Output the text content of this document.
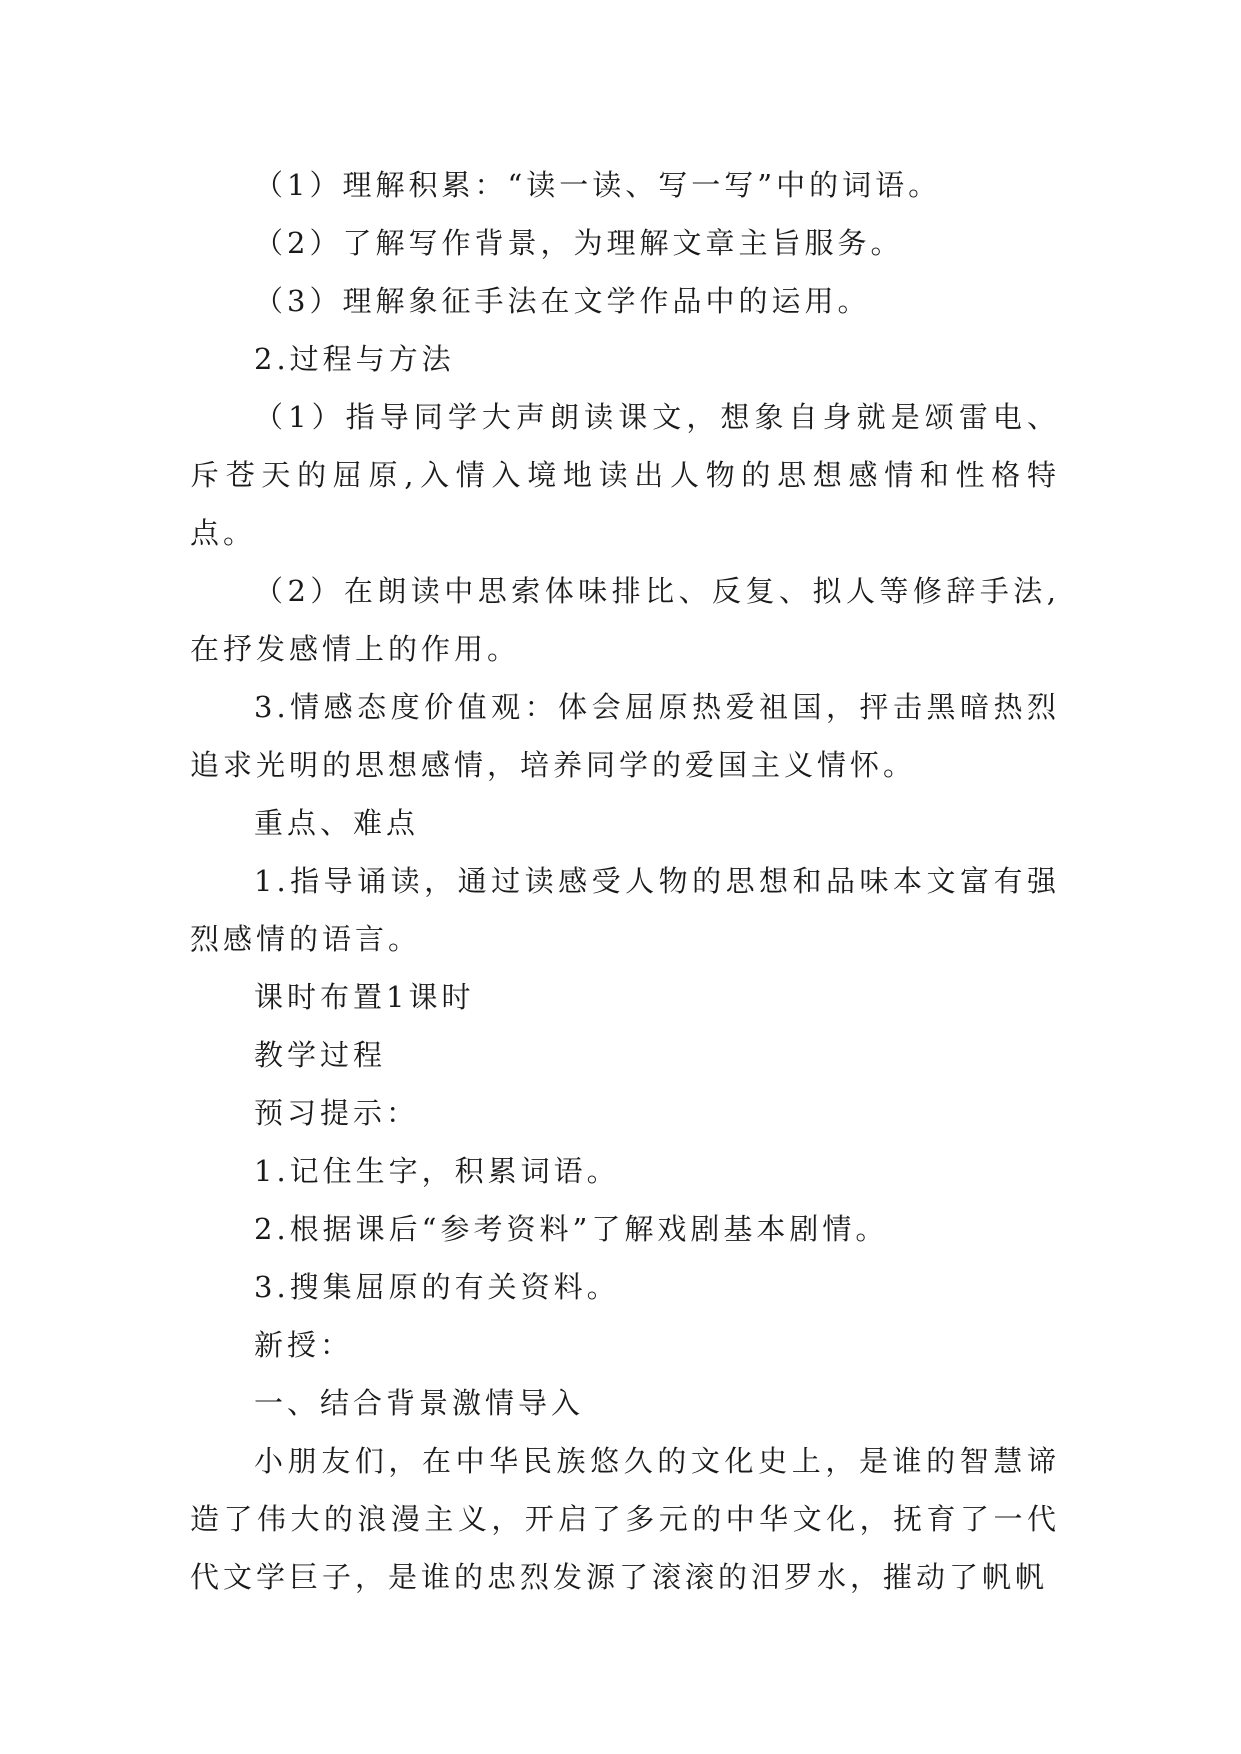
（1）理解积累：“读一读、写一写”中的词语。

（2）了解写作背景，为理解文章主旨服务。

（3）理解象征手法在文学作品中的运用。

2.过程与方法

（1）指导同学大声朗读课文，想象自身就是颂雷电、斥苍天的屈原,入情入境地读出人物的思想感情和性格特点。

（2）在朗读中思索体味排比、反复、拟人等修辞手法,在抒发感情上的作用。

3.情感态度价值观：体会屈原热爱祖国，抨击黑暗热烈追求光明的思想感情，培养同学的爱国主义情怀。

重点、难点

1.指导诵读，通过读感受人物的思想和品味本文富有强烈感情的语言。

课时布置1课时

教学过程

预习提示：

1.记住生字，积累词语。

2.根据课后“参考资料”了解戏剧基本剧情。

3.搜集屈原的有关资料。

新授：

一、结合背景激情导入

小朋友们，在中华民族悠久的文化史上，是谁的智慧谛造了伟大的浪漫主义，开启了多元的中华文化，抚育了一代代文学巨子，是谁的忠烈发源了滚滚的汨罗水，摧动了帆帆
